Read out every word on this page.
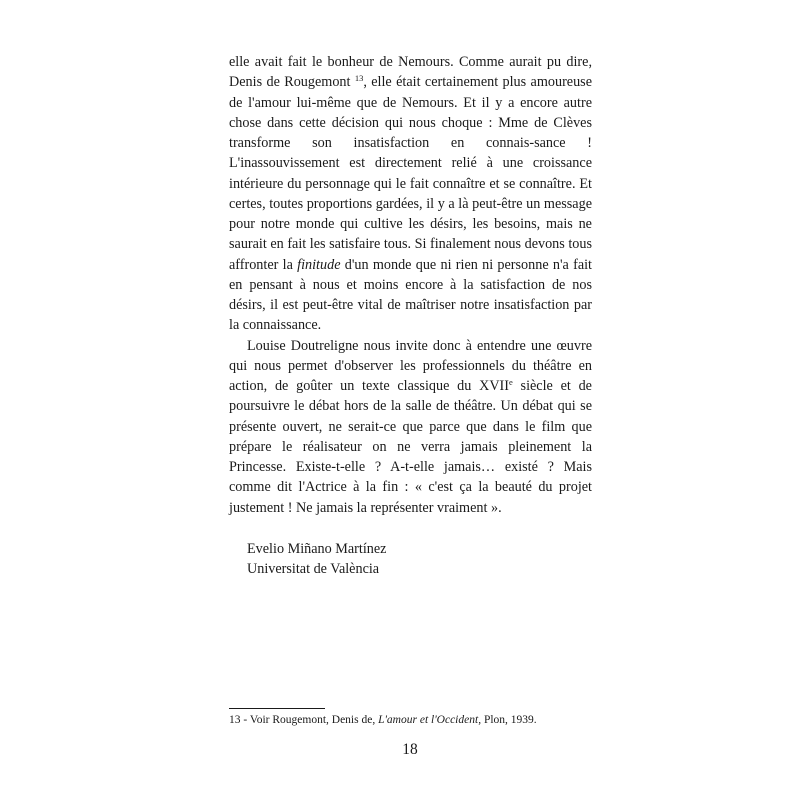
elle avait fait le bonheur de Nemours. Comme aurait pu dire, Denis de Rougemont $^{13}$, elle était certainement plus amoureuse de l'amour lui-même que de Nemours. Et il y a encore autre chose dans cette décision qui nous choque : Mme de Clèves transforme son insatisfaction en connais-sance ! L'inassouvissement est directement relié à une croissance intérieure du personnage qui le fait connaître et se connaître. Et certes, toutes proportions gardées, il y a là peut-être un message pour notre monde qui cultive les désirs, les besoins, mais ne saurait en fait les satisfaire tous. Si finalement nous devons tous affronter la finitude d'un monde que ni rien ni personne n'a fait en pensant à nous et moins encore à la satisfaction de nos désirs, il est peut-être vital de maîtriser notre insatisfaction par la connaissance.

Louise Doutreligne nous invite donc à entendre une œuvre qui nous permet d'observer les professionnels du théâtre en action, de goûter un texte classique du XVIIe siècle et de poursuivre le débat hors de la salle de théâtre. Un débat qui se présente ouvert, ne serait-ce que parce que dans le film que prépare le réalisateur on ne verra jamais pleinement la Princesse. Existe-t-elle ? A-t-elle jamais… existé ? Mais comme dit l'Actrice à la fin : « c'est ça la beauté du projet justement ! Ne jamais la représenter vraiment ».

Evelio Miñano Martínez
Universitat de València
13 - Voir Rougemont, Denis de, L'amour et l'Occident, Plon, 1939.
18
